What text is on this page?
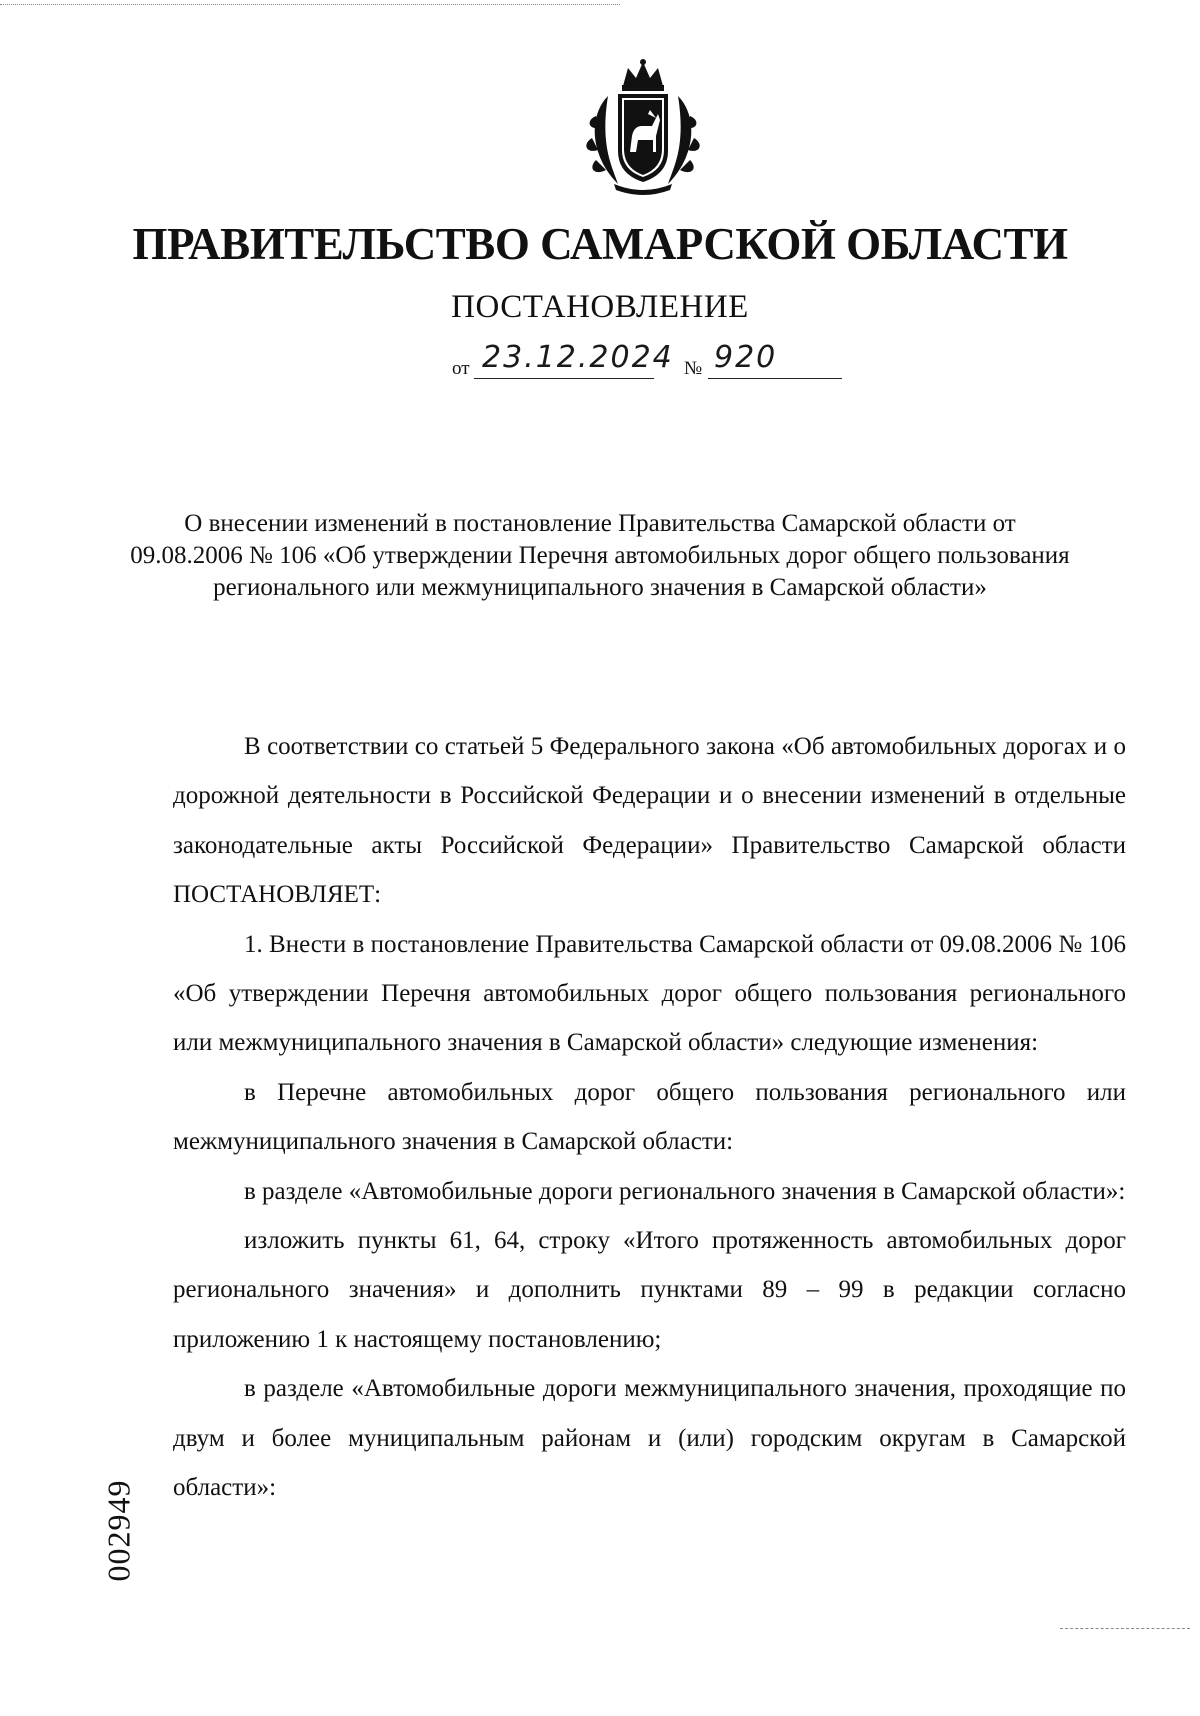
ПРАВИТЕЛЬСТВО САМАРСКОЙ ОБЛАСТИ
ПОСТАНОВЛЕНИЕ
от 23.12.2024 № 920
О внесении изменений в постановление Правительства Самарской области от 09.08.2006 № 106 «Об утверждении Перечня автомобильных дорог общего пользования регионального или межмуниципального значения в Самарской области»

В соответствии со статьей 5 Федерального закона «Об автомобильных дорогах и о дорожной деятельности в Российской Федерации и о внесении изменений в отдельные законодательные акты Российской Федерации» Правительство Самарской области ПОСТАНОВЛЯЕТ:

1. Внести в постановление Правительства Самарской области от 09.08.2006 № 106 «Об утверждении Перечня автомобильных дорог общего пользования регионального или межмуниципального значения в Самарской области» следующие изменения:

в Перечне автомобильных дорог общего пользования регионального или межмуниципального значения в Самарской области:

в разделе «Автомобильные дороги регионального значения в Самарской области»:

изложить пункты 61, 64, строку «Итого протяженность автомобильных дорог регионального значения» и дополнить пунктами 89 – 99 в редакции согласно приложению 1 к настоящему постановлению;

в разделе «Автомобильные дороги межмуниципального значения, проходящие по двум и более муниципальным районам и (или) городским округам в Самарской области»:

002949
